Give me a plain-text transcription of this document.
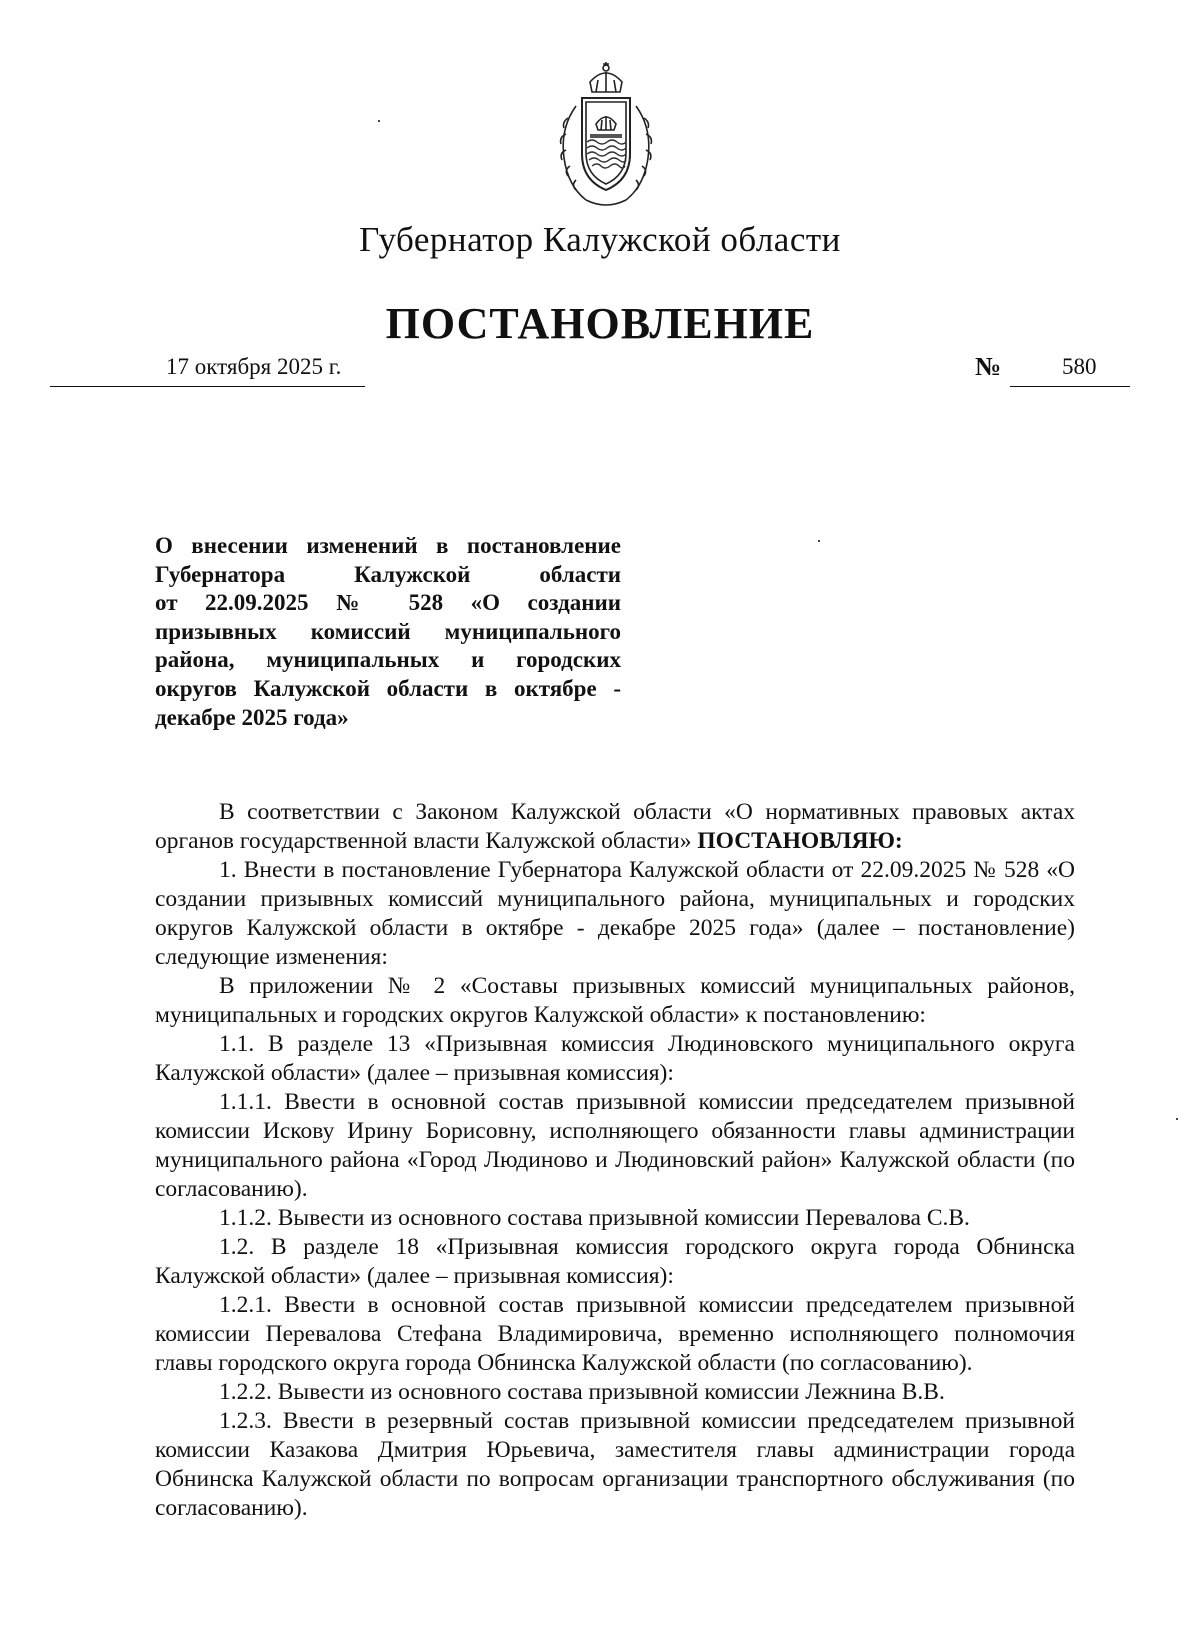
Губернатор Калужской области
ПОСТАНОВЛЕНИЕ
17 октября 2025 г.	№	580
О внесении изменений в постановление
Губернатора Калужской области
от 22.09.2025 № 528 «О создании
призывных комиссий муниципального
района, муниципальных и городских
округов Калужской области в октябре -
декабре 2025 года»

В соответствии с Законом Калужской области «О нормативных правовых актах органов государственной власти Калужской области» ПОСТАНОВЛЯЮ:

1. Внести в постановление Губернатора Калужской области от 22.09.2025 № 528 «О создании призывных комиссий муниципального района, муниципальных и городских округов Калужской области в октябре - декабре 2025 года» (далее – постановление) следующие изменения:

В приложении № 2 «Составы призывных комиссий муниципальных районов, муниципальных и городских округов Калужской области» к постановлению:

1.1. В разделе 13 «Призывная комиссия Людиновского муниципального округа Калужской области» (далее – призывная комиссия):

1.1.1. Ввести в основной состав призывной комиссии председателем призывной комиссии Искову Ирину Борисовну, исполняющего обязанности главы администрации муниципального района «Город Людиново и Людиновский район» Калужской области (по согласованию).

1.1.2. Вывести из основного состава призывной комиссии Перевалова С.В.

1.2. В разделе 18 «Призывная комиссия городского округа города Обнинска Калужской области» (далее – призывная комиссия):

1.2.1. Ввести в основной состав призывной комиссии председателем призывной комиссии Перевалова Стефана Владимировича, временно исполняющего полномочия главы городского округа города Обнинска Калужской области (по согласованию).

1.2.2. Вывести из основного состава призывной комиссии Лежнина В.В.

1.2.3. Ввести в резервный состав призывной комиссии председателем призывной комиссии Казакова Дмитрия Юрьевича, заместителя главы администрации города Обнинска Калужской области по вопросам организации транспортного обслуживания (по согласованию).
